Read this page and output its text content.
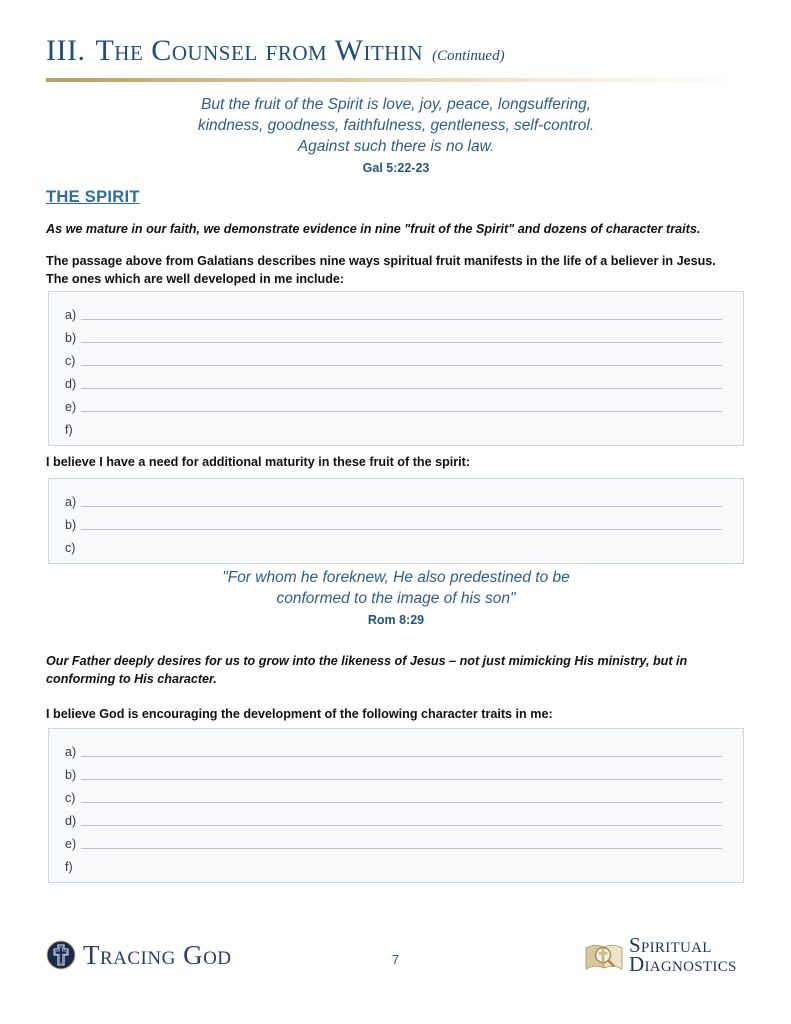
III. The Counsel from Within (Continued)
But the fruit of the Spirit is love, joy, peace, longsuffering,
kindness, goodness, faithfulness, gentleness, self-control.
Against such there is no law.
Gal 5:22-23
THE SPIRIT
As we mature in our faith, we demonstrate evidence in nine "fruit of the Spirit" and dozens of character traits.
The passage above from Galatians describes nine ways spiritual fruit manifests in the life of a believer in Jesus. The ones which are well developed in me include:
a)
b)
c)
d)
e)
f)
I believe I have a need for additional maturity in these fruit of the spirit:
a)
b)
c)
"For whom he foreknew, He also predestined to be
conformed to the image of his son"
Rom 8:29
Our Father deeply desires for us to grow into the likeness of Jesus – not just mimicking His ministry, but in conforming to His character.
I believe God is encouraging the development of the following character traits in me:
a)
b)
c)
d)
e)
f)
Tracing God	7
Spiritual
Diagnostics
